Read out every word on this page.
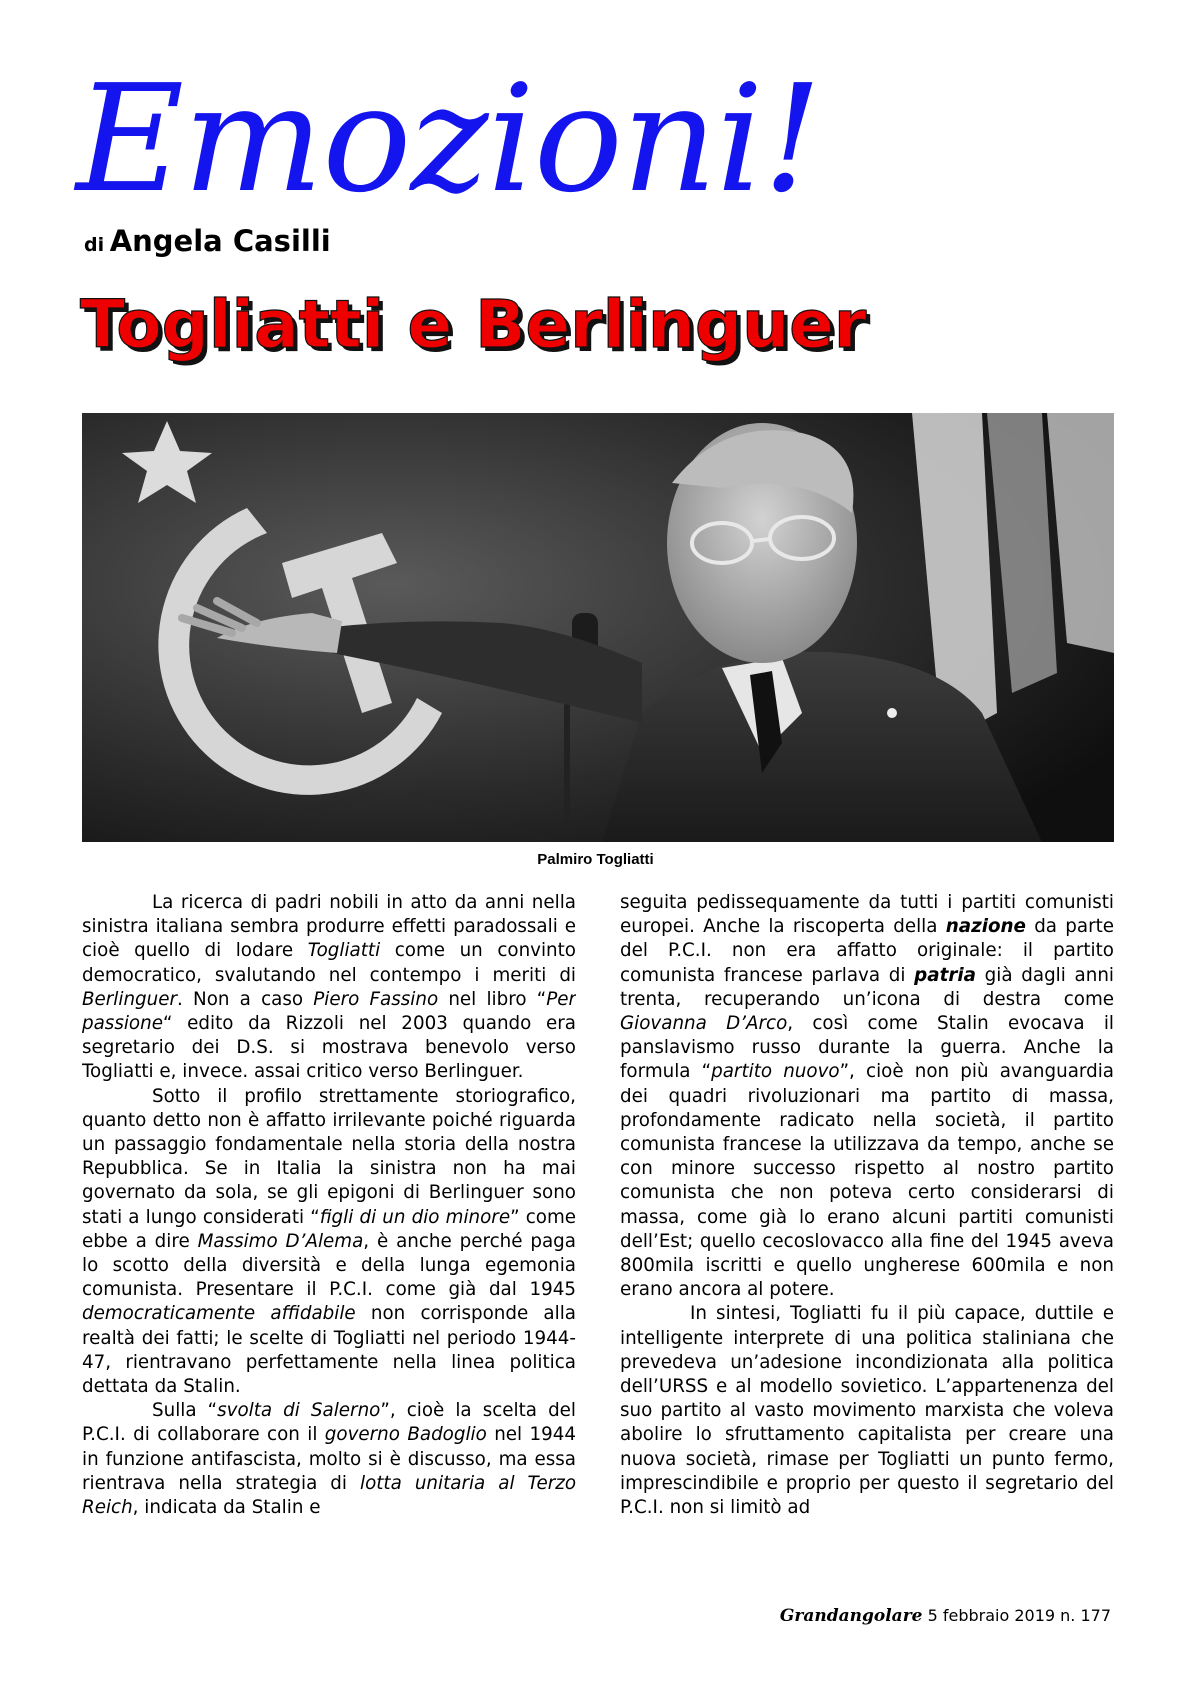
Emozioni!
di Angela Casilli
Togliatti e Berlinguer
Palmiro Togliatti

La ricerca di padri nobili in atto da anni nella sinistra italiana sembra produrre effetti paradossali e cioè quello di lodare Togliatti come un convinto democratico, svalutando nel contempo i meriti di Berlinguer. Non a caso Piero Fassino nel libro “Per passione“ edito da Rizzoli nel 2003 quando era segretario dei D.S. si mostrava benevolo verso Togliatti e, invece. assai critico verso Berlinguer.

Sotto il profilo strettamente storiografico, quanto detto non è affatto irrilevante poiché riguarda un passaggio fondamentale nella storia della nostra Repubblica. Se in Italia la sinistra non ha mai governato da sola, se gli epigoni di Berlinguer sono stati a lungo considerati “figli di un dio minore” come ebbe a dire Massimo D’Alema, è anche perché paga lo scotto della diversità e della lunga egemonia comunista. Presentare il P.C.I. come già dal 1945 democraticamente affidabile non corrisponde alla realtà dei fatti; le scelte di Togliatti nel periodo 1944-47, rientravano perfettamente nella linea politica dettata da Stalin.

Sulla “svolta di Salerno”, cioè la scelta del P.C.I. di collaborare con il governo Badoglio nel 1944 in funzione antifascista, molto si è discusso, ma essa rientrava nella strategia di lotta unitaria al Terzo Reich, indicata da Stalin e

seguita pedissequamente da tutti i partiti comunisti europei. Anche la riscoperta della nazione da parte del P.C.I. non era affatto originale: il partito comunista francese parlava di patria già dagli anni trenta, recuperando un’icona di destra come Giovanna D’Arco, così come Stalin evocava il panslavismo russo durante la guerra. Anche la formula “partito nuovo”, cioè non più avanguardia dei quadri rivoluzionari ma partito di massa, profondamente radicato nella società, il partito comunista francese la utilizzava da tempo, anche se con minore successo rispetto al nostro partito comunista che non poteva certo considerarsi di massa, come già lo erano alcuni partiti comunisti dell’Est; quello cecoslovacco alla fine del 1945 aveva 800mila iscritti e quello ungherese 600mila e non erano ancora al potere.

In sintesi, Togliatti fu il più capace, duttile e intelligente interprete di una politica staliniana che prevedeva un’adesione incondizionata alla politica dell’URSS e al modello sovietico. L’appartenenza del suo partito al vasto movimento marxista che voleva abolire lo sfruttamento capitalista per creare una nuova società, rimase per Togliatti un punto fermo, imprescindibile e proprio per questo il segretario del P.C.I. non si limitò ad

Grandangolare 5 febbraio 2019 n. 177
